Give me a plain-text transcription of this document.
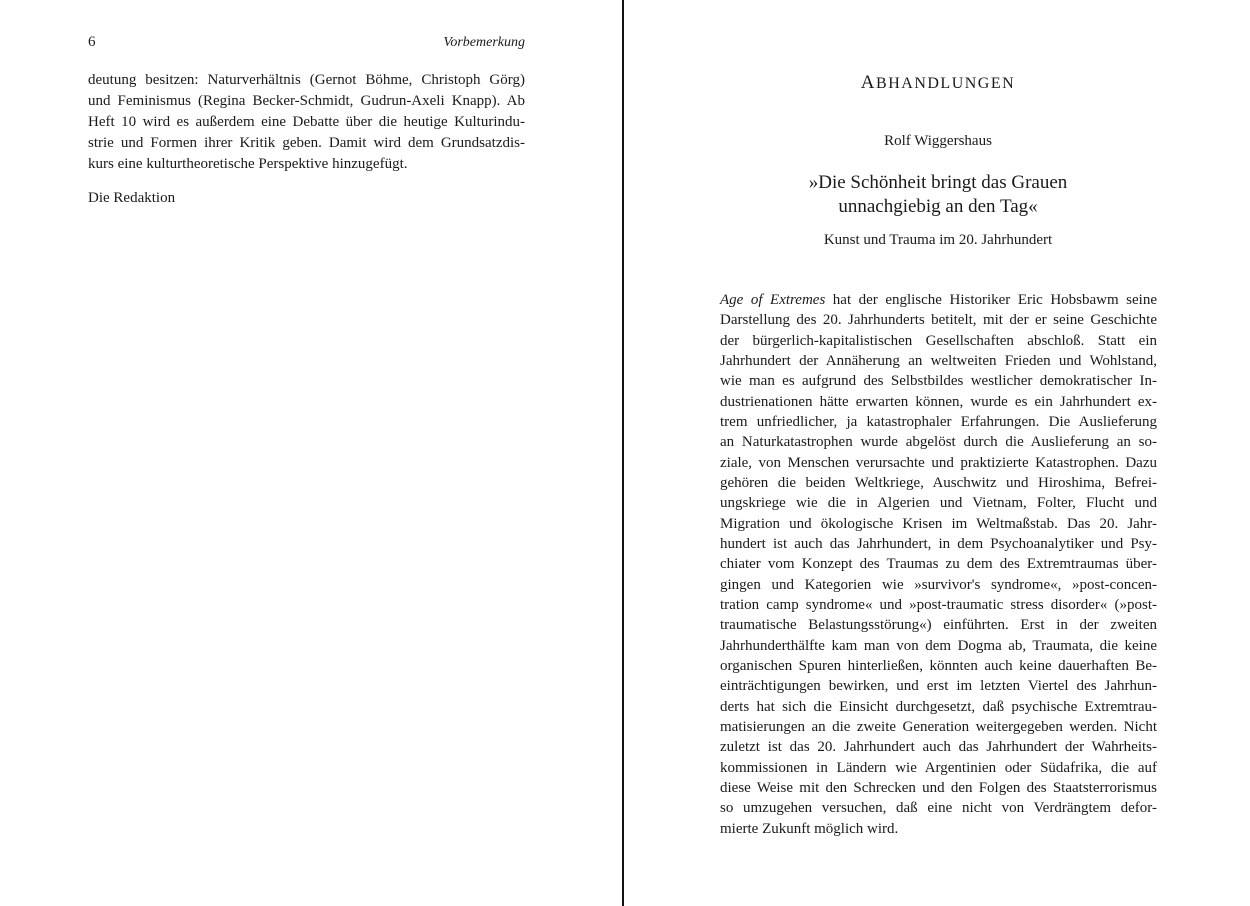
6	Vorbemerkung

deutung besitzen: Naturverhältnis (Gernot Böhme, Christoph Görg)
und Feminismus (Regina Becker-Schmidt, Gudrun-Axeli Knapp). Ab
Heft 10 wird es außerdem eine Debatte über die heutige Kulturindu-
strie und Formen ihrer Kritik geben. Damit wird dem Grundsatzdis-
kurs eine kulturtheoretische Perspektive hinzugefügt.

Die Redaktion

ABHANDLUNGEN

Rolf Wiggershaus

»Die Schönheit bringt das Grauen
unnachgiebig an den Tag«

Kunst und Trauma im 20. Jahrhundert

Age of Extremes hat der englische Historiker Eric Hobsbawm seine
Darstellung des 20. Jahrhunderts betitelt, mit der er seine Geschichte
der bürgerlich-kapitalistischen Gesellschaften abschloß. Statt ein
Jahrhundert der Annäherung an weltweiten Frieden und Wohlstand,
wie man es aufgrund des Selbstbildes westlicher demokratischer In-
dustrienationen hätte erwarten können, wurde es ein Jahrhundert ex-
trem unfriedlicher, ja katastrophaler Erfahrungen. Die Auslieferung
an Naturkatastrophen wurde abgelöst durch die Auslieferung an so-
ziale, von Menschen verursachte und praktizierte Katastrophen. Dazu
gehören die beiden Weltkriege, Auschwitz und Hiroshima, Befrei-
ungskriege wie die in Algerien und Vietnam, Folter, Flucht und
Migration und ökologische Krisen im Weltmaßstab. Das 20. Jahr-
hundert ist auch das Jahrhundert, in dem Psychoanalytiker und Psy-
chiater vom Konzept des Traumas zu dem des Extremtraumas über-
gingen und Kategorien wie »survivor's syndrome«, »post-concen-
tration camp syndrome« und »post-traumatic stress disorder« (»post-
traumatische Belastungsstörung«) einführten. Erst in der zweiten
Jahrhunderthälfte kam man von dem Dogma ab, Traumata, die keine
organischen Spuren hinterließen, könnten auch keine dauerhaften Be-
einträchtigungen bewirken, und erst im letzten Viertel des Jahrhun-
derts hat sich die Einsicht durchgesetzt, daß psychische Extremtrau-
matisierungen an die zweite Generation weitergegeben werden. Nicht
zuletzt ist das 20. Jahrhundert auch das Jahrhundert der Wahrheits-
kommissionen in Ländern wie Argentinien oder Südafrika, die auf
diese Weise mit den Schrecken und den Folgen des Staatsterrorismus
so umzugehen versuchen, daß eine nicht von Verdrängtem defor-
mierte Zukunft möglich wird.
